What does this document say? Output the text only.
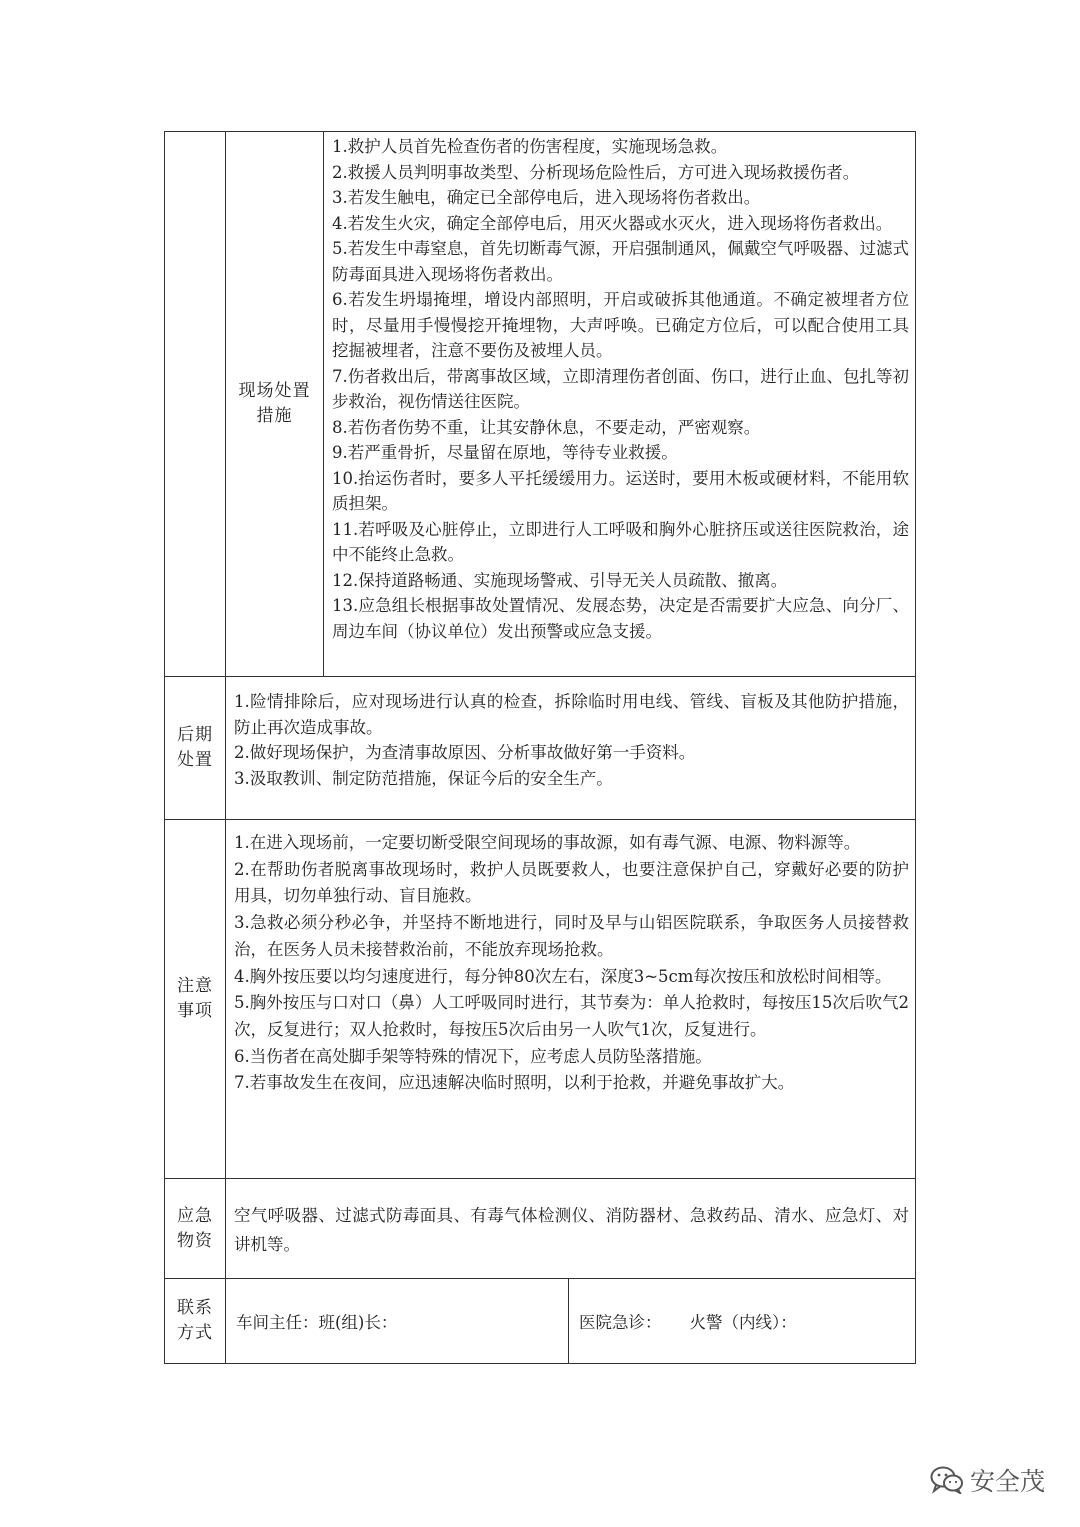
现场处置
措施

1.救护人员首先检查伤者的伤害程度，实施现场急救。

2.救援人员判明事故类型、分析现场危险性后，方可进入现场救援伤者。

3.若发生触电，确定已全部停电后，进入现场将伤者救出。

4.若发生火灾，确定全部停电后，用灭火器或水灭火，进入现场将伤者救出。

5.若发生中毒窒息，首先切断毒气源，开启强制通风，佩戴空气呼吸器、过滤式防毒面具进入现场将伤者救出。

6.若发生坍塌掩埋，增设内部照明，开启或破拆其他通道。不确定被埋者方位时，尽量用手慢慢挖开掩埋物，大声呼唤。已确定方位后，可以配合使用工具挖掘被埋者，注意不要伤及被埋人员。

7.伤者救出后，带离事故区域，立即清理伤者创面、伤口，进行止血、包扎等初步救治，视伤情送往医院。

8.若伤者伤势不重，让其安静休息，不要走动，严密观察。

9.若严重骨折，尽量留在原地，等待专业救援。

10.抬运伤者时，要多人平托缓缓用力。运送时，要用木板或硬材料，不能用软质担架。

11.若呼吸及心脏停止，立即进行人工呼吸和胸外心脏挤压或送往医院救治，途中不能终止急救。

12.保持道路畅通、实施现场警戒、引导无关人员疏散、撤离。

13.应急组长根据事故处置情况、发展态势，决定是否需要扩大应急、向分厂、周边车间（协议单位）发出预警或应急支援。

后期
处置

1.险情排除后，应对现场进行认真的检查，拆除临时用电线、管线、盲板及其他防护措施，防止再次造成事故。

2.做好现场保护，为查清事故原因、分析事故做好第一手资料。

3.汲取教训、制定防范措施，保证今后的安全生产。

注意
事项

1.在进入现场前，一定要切断受限空间现场的事故源，如有毒气源、电源、物料源等。

2.在帮助伤者脱离事故现场时，救护人员既要救人，也要注意保护自己，穿戴好必要的防护用具，切勿单独行动、盲目施救。

3.急救必须分秒必争，并坚持不断地进行，同时及早与山铝医院联系，争取医务人员接替救治，在医务人员未接替救治前，不能放弃现场抢救。

4.胸外按压要以均匀速度进行，每分钟80次左右，深度3~5cm每次按压和放松时间相等。

5.胸外按压与口对口（鼻）人工呼吸同时进行，其节奏为：单人抢救时，每按压15次后吹气2次，反复进行；双人抢救时，每按压5次后由另一人吹气1次，反复进行。

6.当伤者在高处脚手架等特殊的情况下，应考虑人员防坠落措施。

7.若事故发生在夜间，应迅速解决临时照明，以利于抢救，并避免事故扩大。

应急
物资

空气呼吸器、过滤式防毒面具、有毒气体检测仪、消防器材、急救药品、清水、应急灯、对讲机等。

联系
方式
车间主任： 班(组)长：	医院急诊： 火警（内线）：
安全茂
